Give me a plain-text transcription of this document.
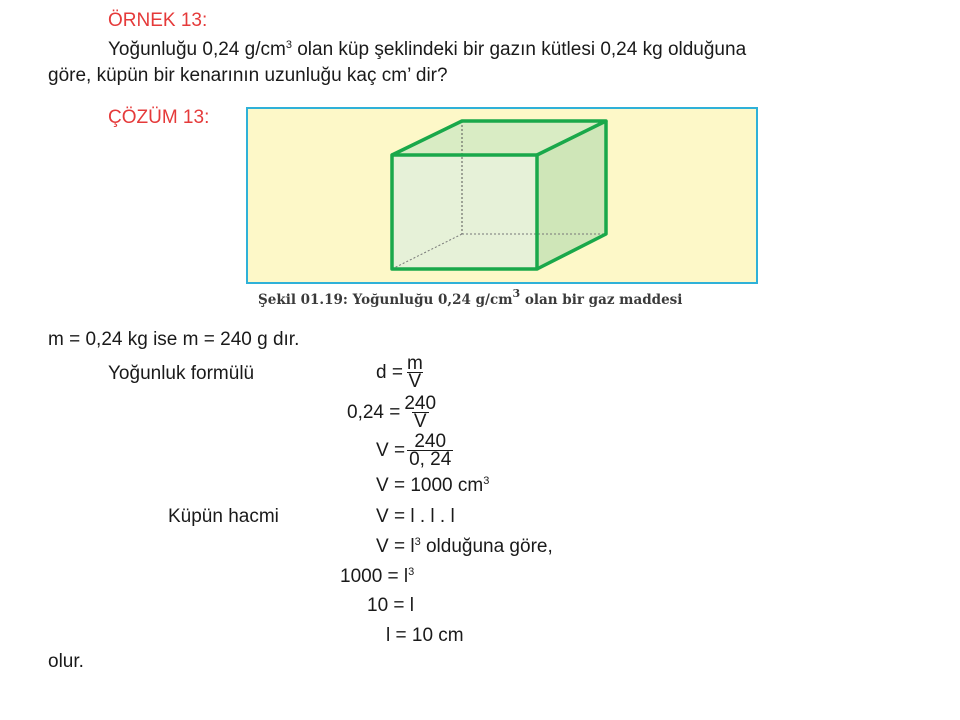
ÖRNEK 13:
Yoğunluğu 0,24 $g/cm^3$ olan küp şeklindeki bir gazın kütlesi 0,24 kg olduğuna
göre, küpün bir kenarının uzunluğu kaç cm’ dir?
ÇÖZÜM 13:
Şekil 01.19: Yoğunluğu 0,24 $g/cm^3$ olan bir gaz maddesi
m = 0,24 kg ise m = 240 g dır.
Yoğunluk formülü	$d = \frac{m}{V}$
$0,24 = \frac{240}{V}$
$V = \frac{240}{0, 24}$
V = 1000 $cm^3$
Küpün hacmi	V = l . l . l
$V = l^3$ olduğuna göre,
$1000 = l^3$
10 = l
l = 10 cm
olur.
